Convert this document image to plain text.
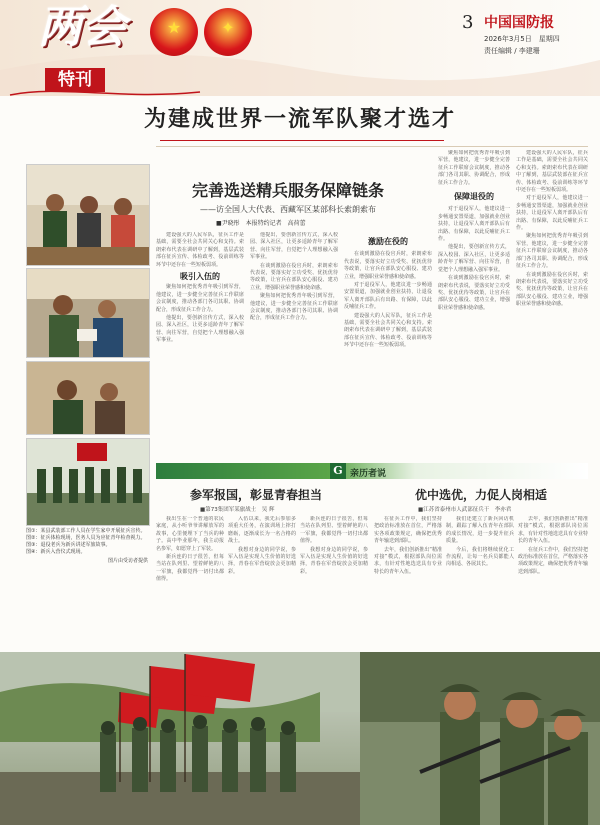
两会
特刊
★	✦	3 中国国防报
2026年3月5日　星期四
责任编辑 / 李建珊
为建成世界一流军队聚才选才
图①：某县武装部工作人员在学生家中开展征兵宣传。
图②：征兵体检现场，医务人员为应征青年检查视力。
图③：退役老兵为新兵讲述军旅故事。
图④：新兵入营仪式现场。
图片由受访者提供
完善选送精兵服务保障链条
——访全国人大代表、西藏军区某部科长索朗索布
■尹晓彤　本报特约记者　高荷蕾

建设强大的人民军队，征兵工作是基础，需要全社会共同关心和支持。索朗索布代表在调研中了解到，基层武装部在征兵宣传、体检政考、役前训练等环节中还存在一些短板弱项。

吸引入伍的

聚焦如何把优秀青年吸引到军营，他建议，进一步健全完善征兵工作联席会议制度，推动各部门各司其职、协调配合，形成征兵工作合力。

他提出，要创新宣传方式，深入校园、深入社区，让更多适龄青年了解军营、向往军营，自觉把个人理想融入强军事业。

他提出，要创新宣传方式，深入校园、深入社区，让更多适龄青年了解军营、向往军营，自觉把个人理想融入强军事业。

在谈到激励在役官兵时，索朗索布代表说，要落实好立功受奖、优抚优待等政策，让官兵在部队安心服役、建功立业，增强职业荣誉感和使命感。

聚焦如何把优秀青年吸引到军营，他建议，进一步健全完善征兵工作联席会议制度，推动各部门各司其职、协调配合，形成征兵工作合力。

激励在役的

在谈到激励在役官兵时，索朗索布代表说，要落实好立功受奖、优抚优待等政策，让官兵在部队安心服役、建功立业，增强职业荣誉感和使命感。

对于退役军人，他建议进一步畅通安置渠道，加强就业创业扶持，让退役军人离开部队后有出路、有保障，以此反哺征兵工作。

建设强大的人民军队，征兵工作是基础，需要全社会共同关心和支持。索朗索布代表在调研中了解到，基层武装部在征兵宣传、体检政考、役前训练等环节中还存在一些短板弱项。

聚焦如何把优秀青年吸引到军营，他建议，进一步健全完善征兵工作联席会议制度，推动各部门各司其职、协调配合，形成征兵工作合力。

保障退役的

对于退役军人，他建议进一步畅通安置渠道，加强就业创业扶持，让退役军人离开部队后有出路、有保障，以此反哺征兵工作。

他提出，要创新宣传方式，深入校园、深入社区，让更多适龄青年了解军营、向往军营，自觉把个人理想融入强军事业。

在谈到激励在役官兵时，索朗索布代表说，要落实好立功受奖、优抚优待等政策，让官兵在部队安心服役、建功立业，增强职业荣誉感和使命感。

建设强大的人民军队，征兵工作是基础，需要全社会共同关心和支持。索朗索布代表在调研中了解到，基层武装部在征兵宣传、体检政考、役前训练等环节中还存在一些短板弱项。

对于退役军人，他建议进一步畅通安置渠道，加强就业创业扶持，让退役军人离开部队后有出路、有保障，以此反哺征兵工作。

聚焦如何把优秀青年吸引到军营，他建议，进一步健全完善征兵工作联席会议制度，推动各部门各司其职、协调配合，形成征兵工作合力。

在谈到激励在役官兵时，索朗索布代表说，要落实好立功受奖、优抚优待等政策，让官兵在部队安心服役、建功立业，增强职业荣誉感和使命感。

G 亲历者说
参军报国，彰显青春担当
■第73集团军某旅战士　吴 辉

我出生在一个普通的农民家庭，从小听爷爷讲解放军的故事，心里便埋下了当兵的种子。高中毕业那年，我主动报名参军，如愿穿上了军装。

新兵连的日子很苦，但每当站在队列里、望着鲜艳的八一军旗，我都觉得一切付出都值得。

入伍以来，我先后参加多项重大任务，在演训场上摔打磨砺，逐渐成长为一名合格的战士。

我想对身边的同学说，参军入伍是实现人生价值的好选择，青春在军营绽放会更加精彩。

新兵连的日子很苦，但每当站在队列里、望着鲜艳的八一军旗，我都觉得一切付出都值得。

我想对身边的同学说，参军入伍是实现人生价值的好选择，青春在军营绽放会更加精彩。

优中选优，力促人岗相适
■江苏省泰州市人武部征兵干　李亦君

在征兵工作中，我们坚持把政治标准放在首位，严格落实各项政策规定，确保把优秀青年输送到部队。

去年，我们创新推出“精准对接”模式，根据部队岗位需求，有针对性地选送具有专业特长的青年入伍。

我们还建立了新兵回访机制，跟踪了解入伍青年在部队的成长情况，进一步提升征兵质量。

今后，我们将继续优化工作流程，让每一名兵员都能人岗相适、各展其长。

去年，我们创新推出“精准对接”模式，根据部队岗位需求，有针对性地选送具有专业特长的青年入伍。

在征兵工作中，我们坚持把政治标准放在首位，严格落实各项政策规定，确保把优秀青年输送到部队。
